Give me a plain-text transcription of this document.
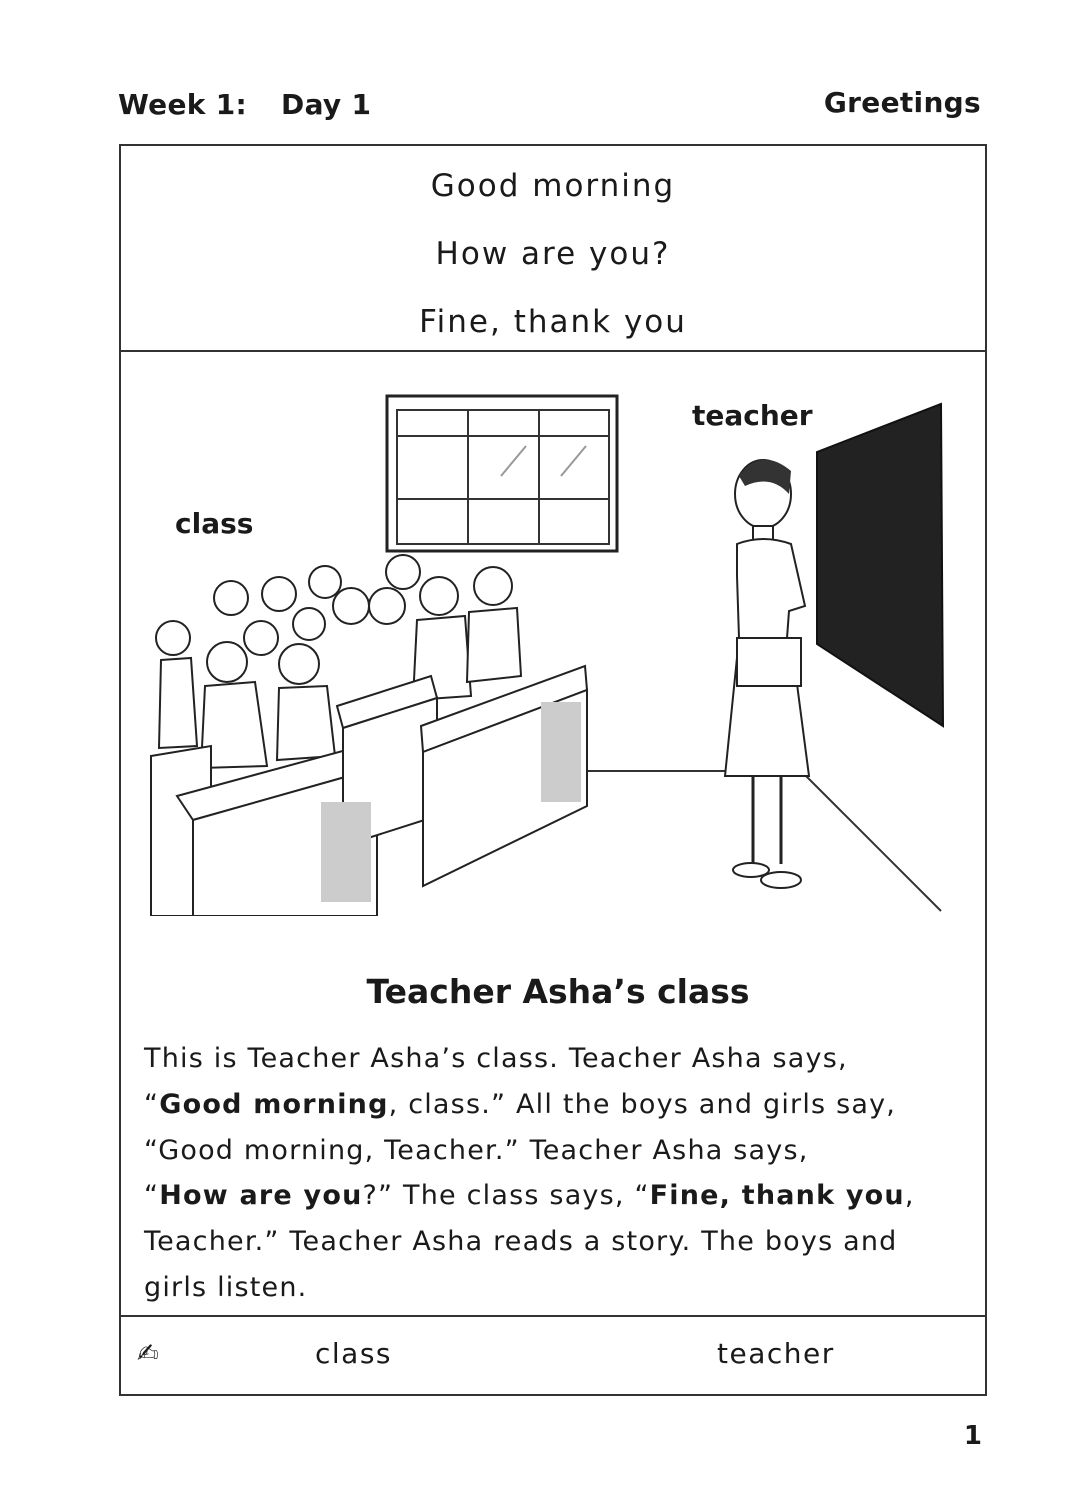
Week 1: Day 1	Greetings
Good morning
How are you?
Fine, thank you
teacher
class
Teacher Asha’s class
This is Teacher Asha’s class. Teacher Asha says,
“Good morning, class.” All the boys and girls say,
“Good morning, Teacher.” Teacher Asha says,
“How are you?” The class says, “Fine, thank you,
Teacher.” Teacher Asha reads a story. The boys and
girls listen.
✍	class	teacher
1
